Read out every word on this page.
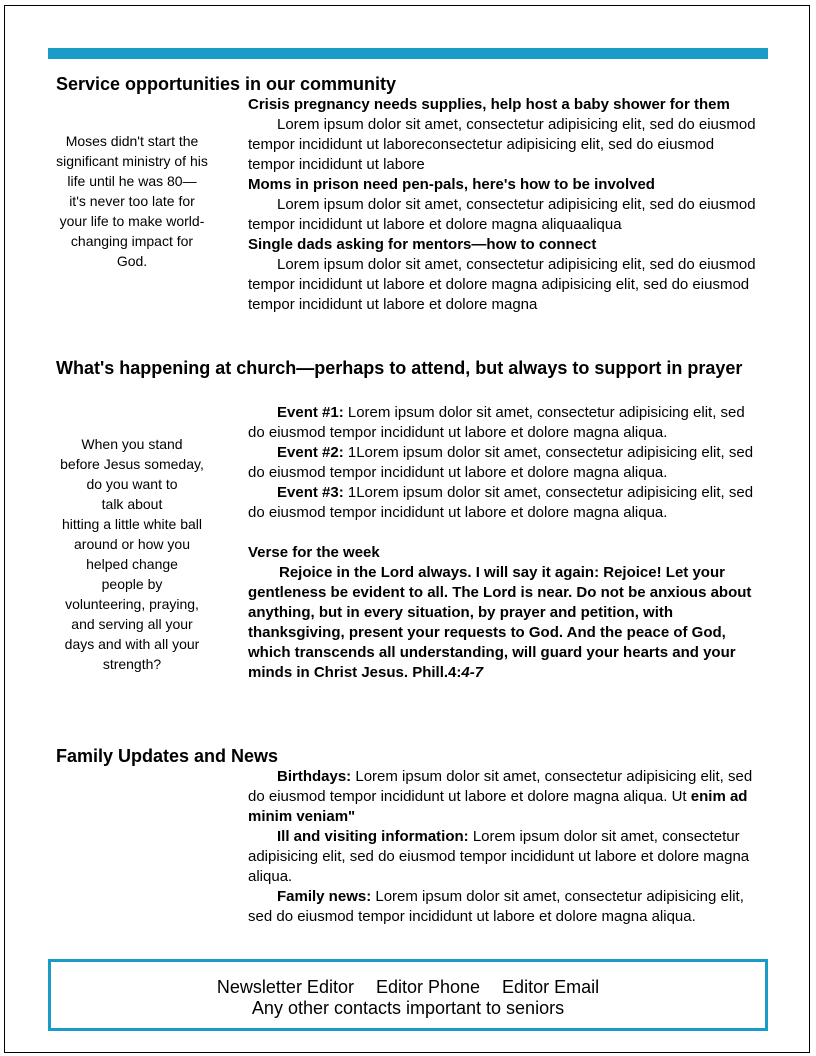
Service opportunities in our community
Moses didn't start the
significant ministry of his
life until he was 80—
it's never too late for
your life to make world-
changing impact for
God.

Crisis pregnancy needs supplies, help host a baby shower for them

Lorem ipsum dolor sit amet, consectetur adipisicing elit, sed do eiusmod tempor incididunt ut laboreconsectetur adipisicing elit, sed do eiusmod tempor incididunt ut labore

Moms in prison need pen-pals, here's how to be involved

Lorem ipsum dolor sit amet, consectetur adipisicing elit, sed do eiusmod tempor incididunt ut labore et dolore magna aliquaaliqua

Single dads asking for mentors—how to connect

Lorem ipsum dolor sit amet, consectetur adipisicing elit, sed do eiusmod tempor incididunt ut labore et dolore magna adipisicing elit, sed do eiusmod tempor incididunt ut labore et dolore magna

What's happening at church—perhaps to attend, but always to support in prayer
When you stand
before Jesus someday,
do you want to
talk about
hitting a little white ball
around or how you
helped change
people by
volunteering, praying,
and serving all your
days and with all your
strength?

Event #1: Lorem ipsum dolor sit amet, consectetur adipisicing elit, sed do eiusmod tempor incididunt ut labore et dolore magna aliqua.

Event #2: 1Lorem ipsum dolor sit amet, consectetur adipisicing elit, sed do eiusmod tempor incididunt ut labore et dolore magna aliqua.

Event #3: 1Lorem ipsum dolor sit amet, consectetur adipisicing elit, sed do eiusmod tempor incididunt ut labore et dolore magna aliqua.

Verse for the week

Rejoice in the Lord always. I will say it again: Rejoice! Let your gentleness be evident to all. The Lord is near. Do not be anxious about anything, but in every situation, by prayer and petition, with thanksgiving, present your requests to God. And the peace of God, which transcends all understanding, will guard your hearts and your minds in Christ Jesus. Phill.4:4-7

Family Updates and News

Birthdays: Lorem ipsum dolor sit amet, consectetur adipisicing elit, sed do eiusmod tempor incididunt ut labore et dolore magna aliqua. Ut enim ad minim veniam"

Ill and visiting information: Lorem ipsum dolor sit amet, consectetur adipisicing elit, sed do eiusmod tempor incididunt ut labore et dolore magna aliqua.

Family news: Lorem ipsum dolor sit amet, consectetur adipisicing elit, sed do eiusmod tempor incididunt ut labore et dolore magna aliqua.

Newsletter Editor Editor Phone Editor Email
Any other contacts important to seniors
